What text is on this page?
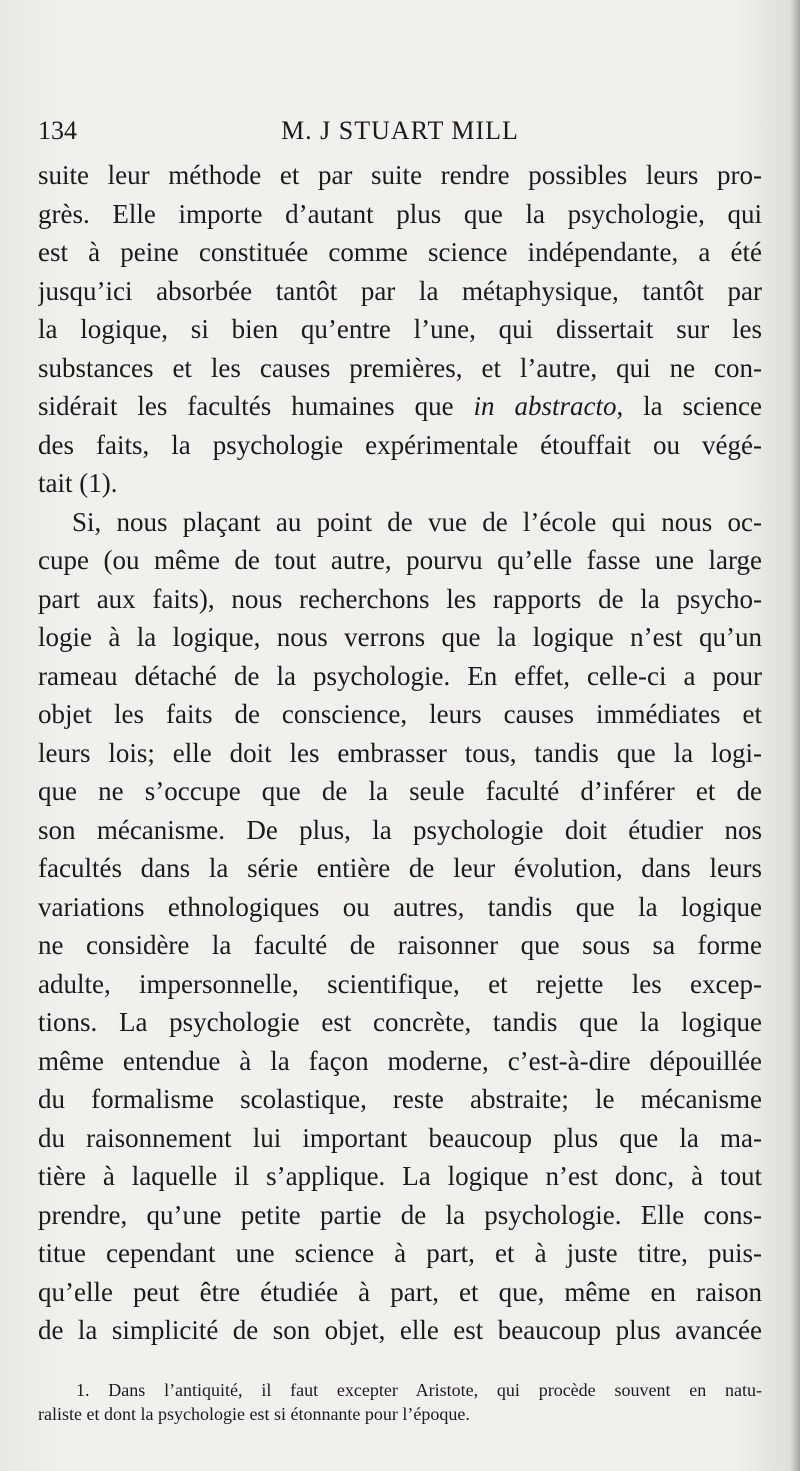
134	M. J STUART MILL
suite leur méthode et par suite rendre possibles leurs pro-
grès. Elle importe d’autant plus que la psychologie, qui
est à peine constituée comme science indépendante, a été
jusqu’ici absorbée tantôt par la métaphysique, tantôt par
la logique, si bien qu’entre l’une, qui dissertait sur les
substances et les causes premières, et l’autre, qui ne con-
sidérait les facultés humaines que in abstracto, la science
des faits, la psychologie expérimentale étouffait ou végé-
tait (1).
Si, nous plaçant au point de vue de l’école qui nous oc-
cupe (ou même de tout autre, pourvu qu’elle fasse une large
part aux faits), nous recherchons les rapports de la psycho-
logie à la logique, nous verrons que la logique n’est qu’un
rameau détaché de la psychologie. En effet, celle-ci a pour
objet les faits de conscience, leurs causes immédiates et
leurs lois; elle doit les embrasser tous, tandis que la logi-
que ne s’occupe que de la seule faculté d’inférer et de
son mécanisme. De plus, la psychologie doit étudier nos
facultés dans la série entière de leur évolution, dans leurs
variations ethnologiques ou autres, tandis que la logique
ne considère la faculté de raisonner que sous sa forme
adulte, impersonnelle, scientifique, et rejette les excep-
tions. La psychologie est concrète, tandis que la logique
même entendue à la façon moderne, c’est-à-dire dépouillée
du formalisme scolastique, reste abstraite; le mécanisme
du raisonnement lui important beaucoup plus que la ma-
tière à laquelle il s’applique. La logique n’est donc, à tout
prendre, qu’une petite partie de la psychologie. Elle cons-
titue cependant une science à part, et à juste titre, puis-
qu’elle peut être étudiée à part, et que, même en raison
de la simplicité de son objet, elle est beaucoup plus avancée
1. Dans l’antiquité, il faut excepter Aristote, qui procède souvent en natu-
raliste et dont la psychologie est si étonnante pour l’époque.
